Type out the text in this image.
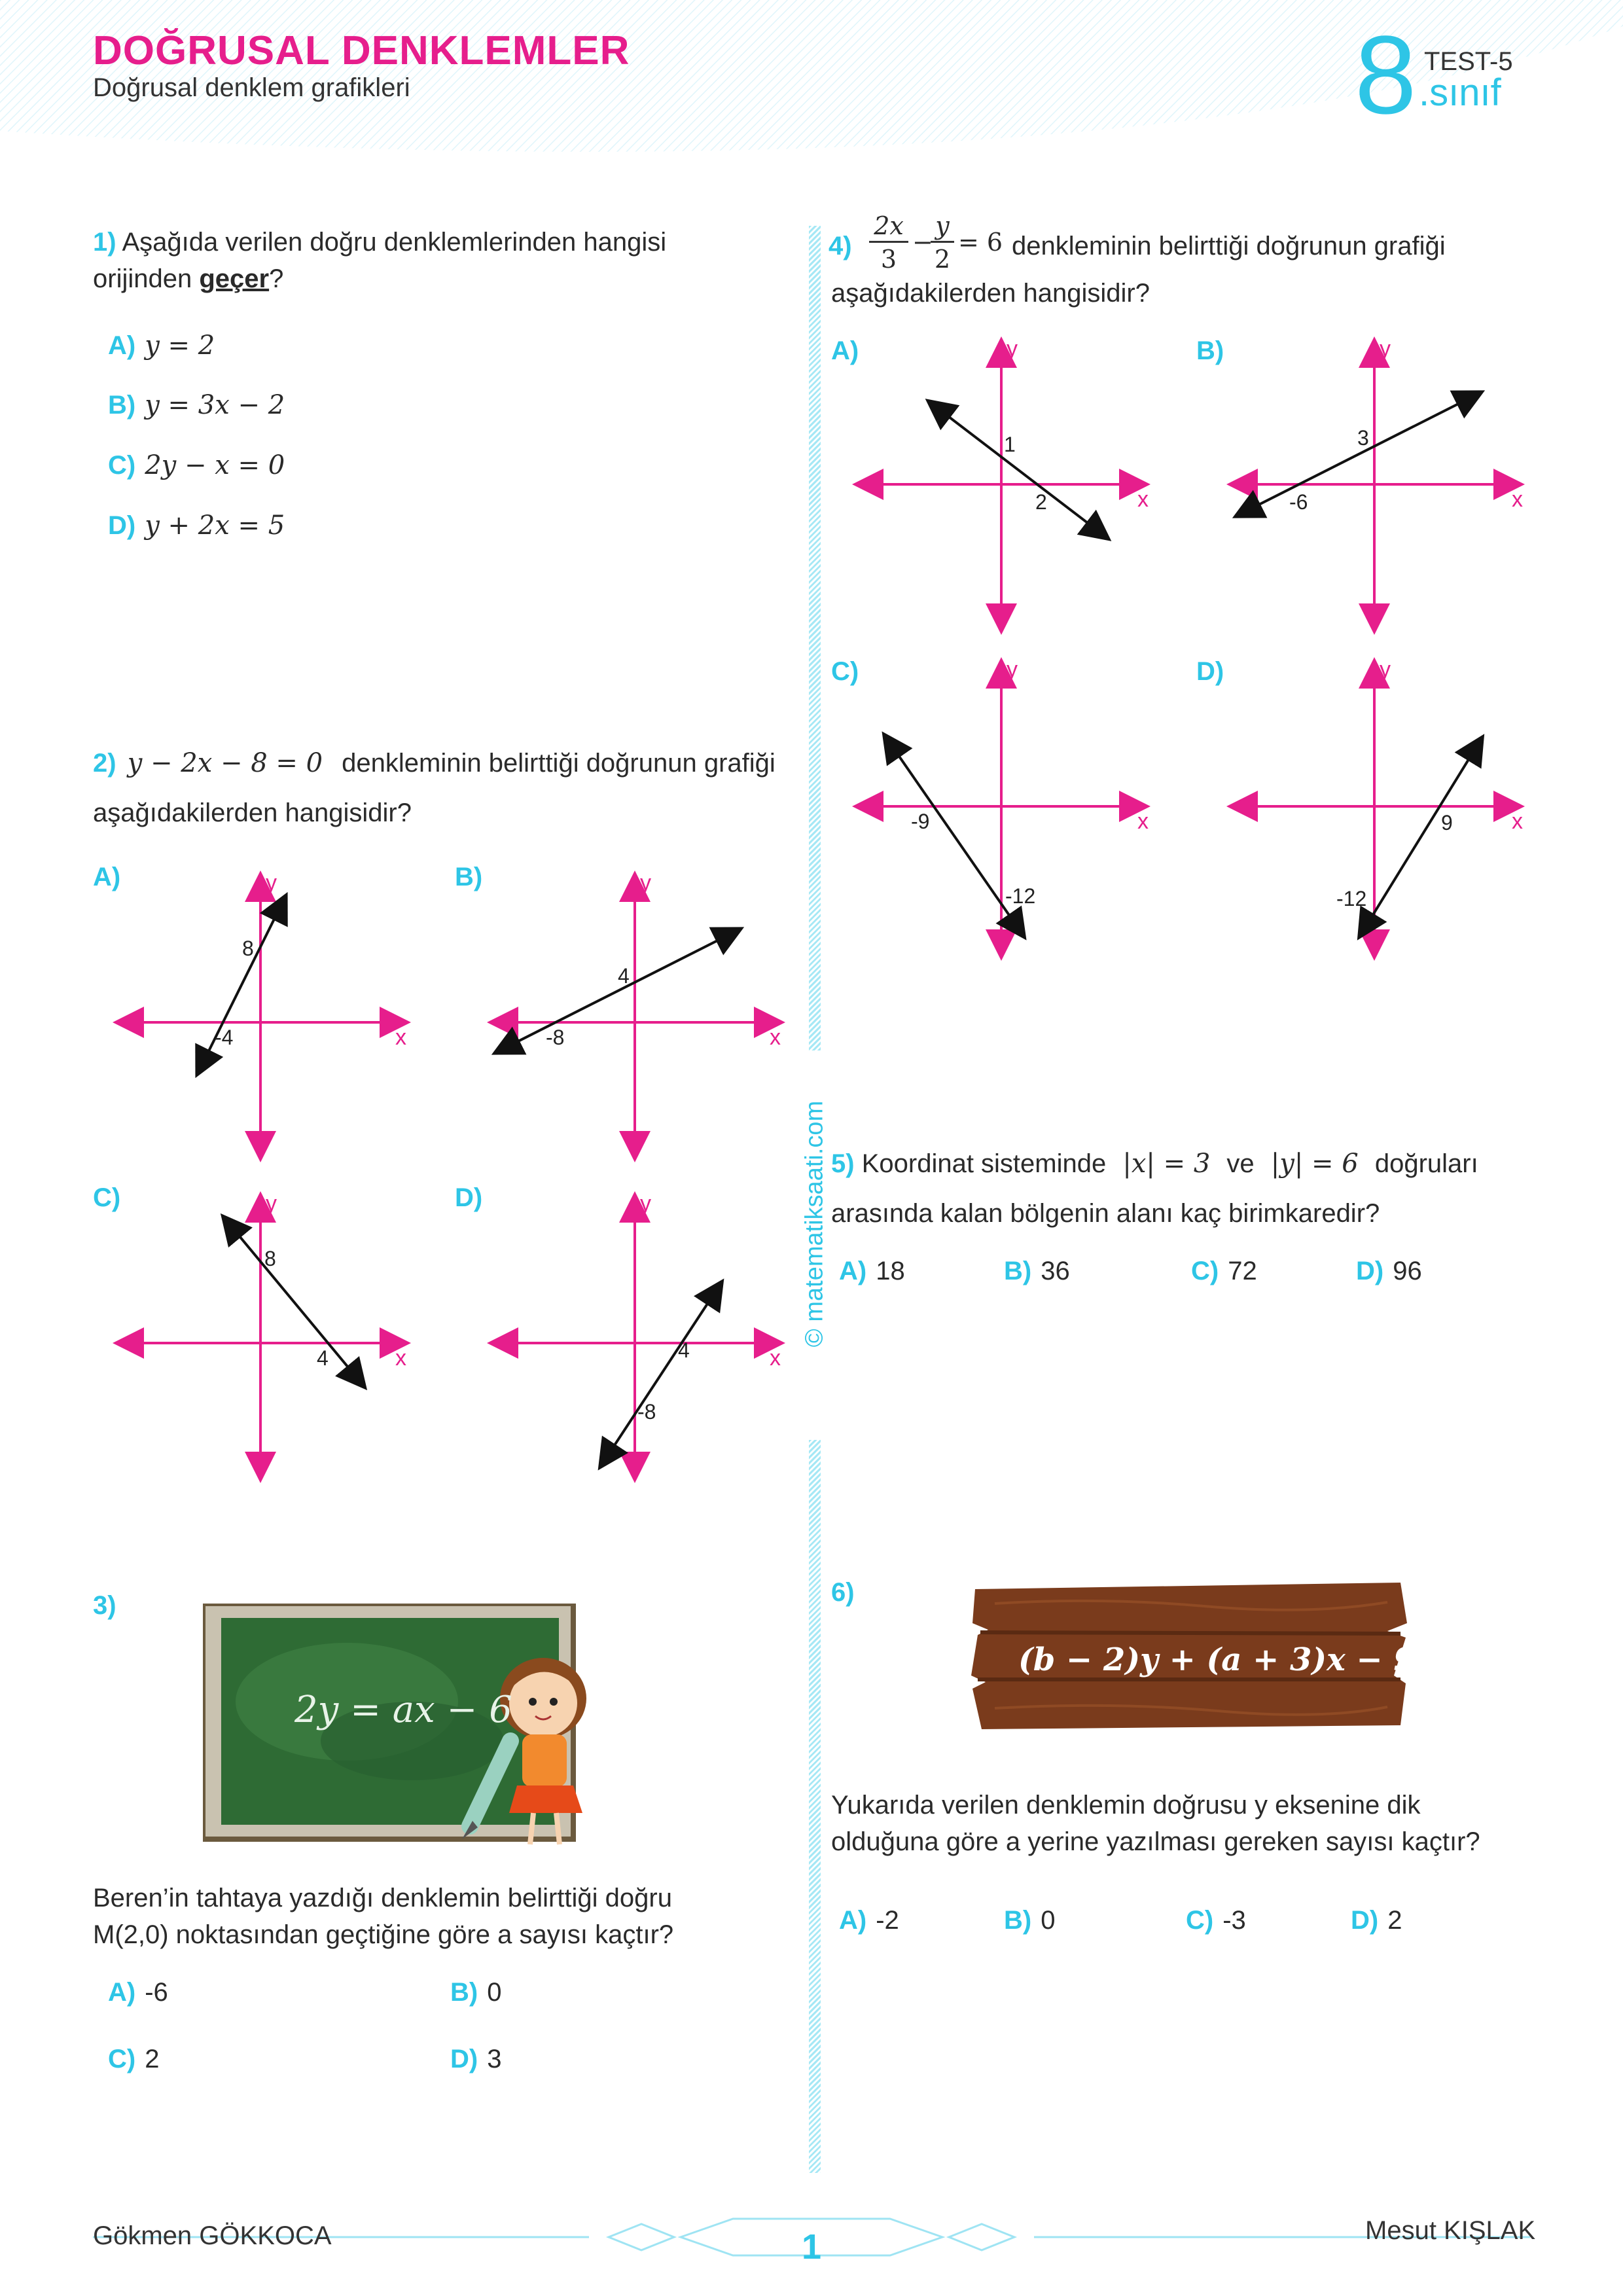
DOĞRUSAL DENKLEMLER
Doğrusal denklem grafikleri	8 TEST-5
.sınıf
© matematiksaati.com
1) Aşağıda verilen doğru denklemlerinden hangisi
orijinden geçer?
A) y = 2
B) y = 3x − 2
C) 2y − x = 0
D) y + 2x = 5
2) y − 2x − 8 = 0 denkleminin belirttiği doğrunun grafiği
aşağıdakilerden hangisidir?
A)	B)
C)	D)
x
y
8
-4	x
y
4
-8
x
y
8
4	x
y
4
-8
x
y
1
2	x
y
3
-6
x
y
-9
-12
x
y
9
-12
3)
2y = ax − 6
Beren’in tahtaya yazdığı denklemin belirttiği doğru
M(2,0) noktasından geçtiğine göre a sayısı kaçtır?
A) -6	B) 0
C) 2	D) 3
$4) \frac{2x}{3}$ −
$\frac{y}{2} = 6$ denkleminin belirttiği doğrunun grafiği
aşağıdakilerden hangisidir?
A)	B)
C)	D)
5) Koordinat sisteminde |x| = 3 ve |y| = 6 doğruları
arasında kalan bölgenin alanı kaç birimkaredir?
A) 18	B) 36	C) 72	D) 96
6)
(b − 2)y + (a + 3)x − 9 = 0
Yukarıda verilen denklemin doğrusu y eksenine dik
olduğuna göre a yerine yazılması gereken sayısı kaçtır?
A) -2	B) 0	C) -3	D) 2
Gökmen GÖKKOCA	Mesut KIŞLAK
1
